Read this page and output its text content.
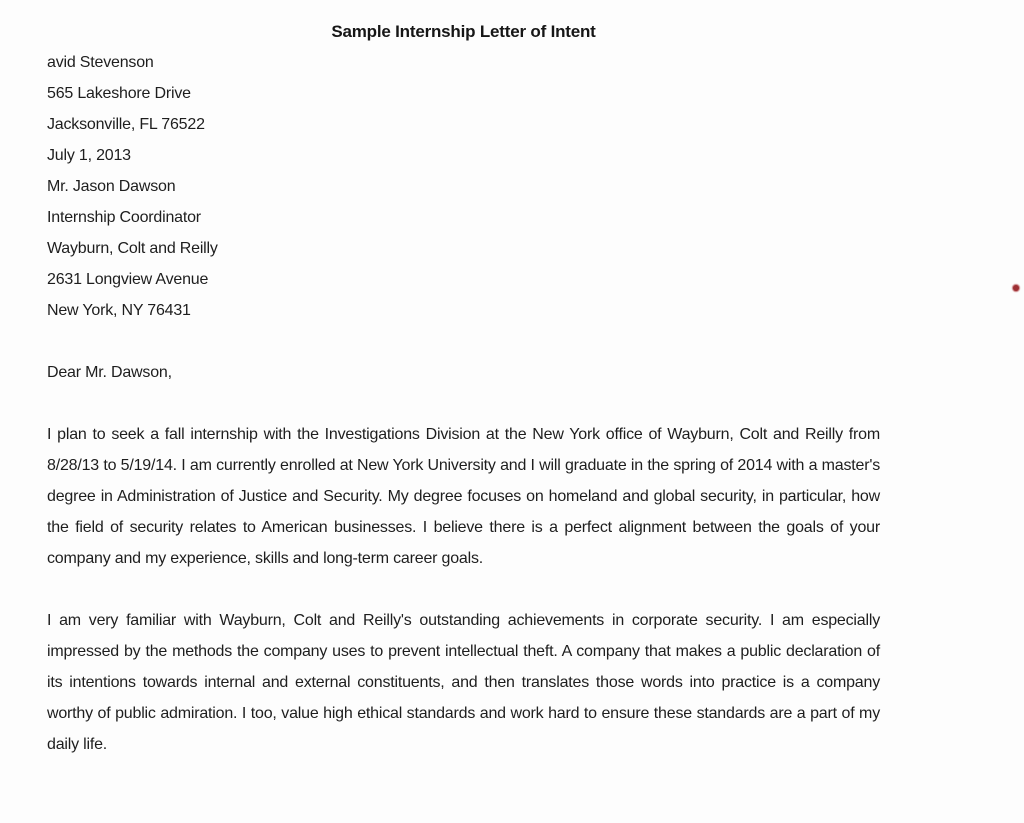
Sample Internship Letter of Intent
avid Stevenson
565 Lakeshore Drive
Jacksonville, FL 76522
July 1, 2013
Mr. Jason Dawson
Internship Coordinator
Wayburn, Colt and Reilly
2631 Longview Avenue
New York, NY 76431
Dear Mr. Dawson,

I plan to seek a fall internship with the Investigations Division at the New York office of Wayburn, Colt and Reilly from 8/28/13 to 5/19/14. I am currently enrolled at New York University and I will graduate in the spring of 2014 with a master's degree in Administration of Justice and Security. My degree focuses on homeland and global security, in particular, how the field of security relates to American businesses. I believe there is a perfect alignment between the goals of your company and my experience, skills and long-term career goals.

I am very familiar with Wayburn, Colt and Reilly's outstanding achievements in corporate security. I am especially impressed by the methods the company uses to prevent intellectual theft. A company that makes a public declaration of its intentions towards internal and external constituents, and then translates those words into practice is a company worthy of public admiration. I too, value high ethical standards and work hard to ensure these standards are a part of my daily life.
